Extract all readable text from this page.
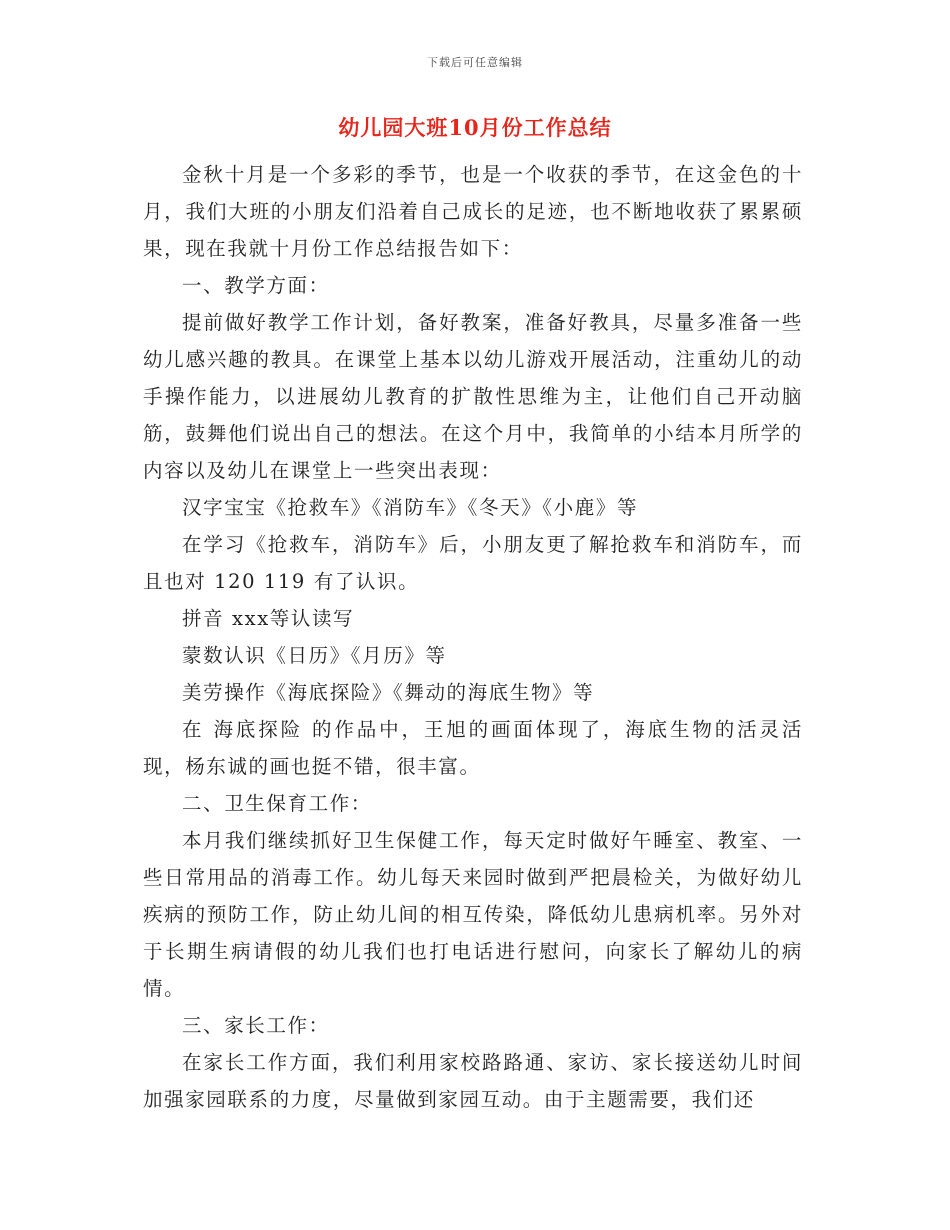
下载后可任意编辑
幼儿园大班10月份工作总结

金秋十月是一个多彩的季节，也是一个收获的季节，在这金色的十月，我们大班的小朋友们沿着自己成长的足迹，也不断地收获了累累硕果，现在我就十月份工作总结报告如下：

一、教学方面：

提前做好教学工作计划，备好教案，准备好教具，尽量多准备一些幼儿感兴趣的教具。在课堂上基本以幼儿游戏开展活动，注重幼儿的动手操作能力，以进展幼儿教育的扩散性思维为主，让他们自己开动脑筋，鼓舞他们说出自己的想法。在这个月中，我简单的小结本月所学的内容以及幼儿在课堂上一些突出表现：

汉字宝宝《抢救车》《消防车》《冬天》《小鹿》等

在学习《抢救车，消防车》后，小朋友更了解抢救车和消防车，而且也对 120 119 有了认识。

拼音 xxx等认读写

蒙数认识《日历》《月历》等

美劳操作《海底探险》《舞动的海底生物》等

在 海底探险 的作品中，王旭的画面体现了，海底生物的活灵活现，杨东诚的画也挺不错，很丰富。

二、卫生保育工作：

本月我们继续抓好卫生保健工作，每天定时做好午睡室、教室、一些日常用品的消毒工作。幼儿每天来园时做到严把晨检关，为做好幼儿疾病的预防工作，防止幼儿间的相互传染，降低幼儿患病机率。另外对于长期生病请假的幼儿我们也打电话进行慰问，向家长了解幼儿的病情。

三、家长工作：

在家长工作方面，我们利用家校路路通、家访、家长接送幼儿时间加强家园联系的力度，尽量做到家园互动。由于主题需要，我们还
